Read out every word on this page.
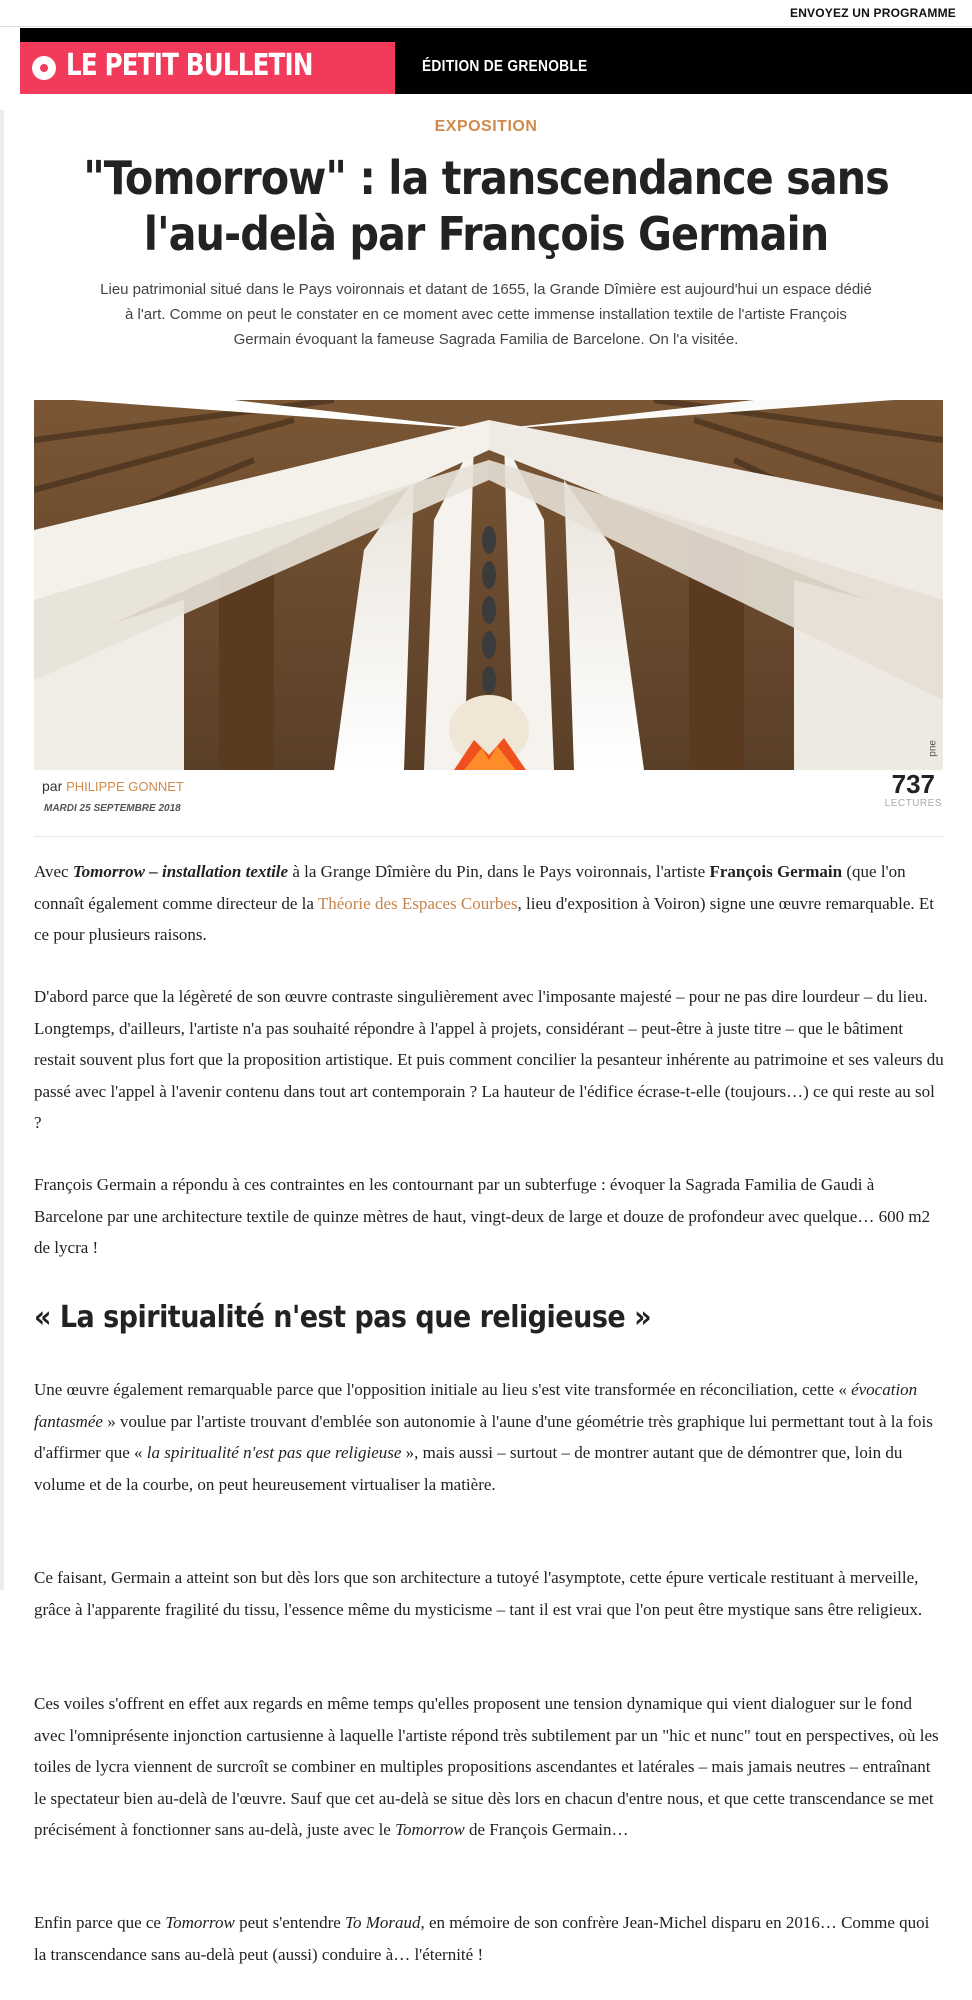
ENVOYEZ UN PROGRAMME
LE PETIT BULLETIN	ÉDITION DE GRENOBLE
EXPOSITION
"Tomorrow" : la transcendance sans l'au-delà par François Germain
Lieu patrimonial situé dans le Pays voironnais et datant de 1655, la Grande Dîmière est aujourd'hui un espace dédié à l'art. Comme on peut le constater en ce moment avec cette immense installation textile de l'artiste François Germain évoquant la fameuse Sagrada Familia de Barcelone. On l'a visitée.
pne
par PHILIPPE GONNET
MARDI 25 SEPTEMBRE 2018
737
LECTURES

Avec Tomorrow – installation textile à la Grange Dîmière du Pin, dans le Pays voironnais, l'artiste François Germain (que l'on connaît également comme directeur de la Théorie des Espaces Courbes, lieu d'exposition à Voiron) signe une œuvre remarquable. Et ce pour plusieurs raisons.

D'abord parce que la légèreté de son œuvre contraste singulièrement avec l'imposante majesté – pour ne pas dire lourdeur – du lieu. Longtemps, d'ailleurs, l'artiste n'a pas souhaité répondre à l'appel à projets, considérant – peut-être à juste titre – que le bâtiment restait souvent plus fort que la proposition artistique. Et puis comment concilier la pesanteur inhérente au patrimoine et ses valeurs du passé avec l'appel à l'avenir contenu dans tout art contemporain ? La hauteur de l'édifice écrase-t-elle (toujours…) ce qui reste au sol ?

François Germain a répondu à ces contraintes en les contournant par un subterfuge : évoquer la Sagrada Familia de Gaudi à Barcelone par une architecture textile de quinze mètres de haut, vingt-deux de large et douze de profondeur avec quelque… 600 m2 de lycra !

« La spiritualité n'est pas que religieuse »

Une œuvre également remarquable parce que l'opposition initiale au lieu s'est vite transformée en réconciliation, cette « évocation fantasmée » voulue par l'artiste trouvant d'emblée son autonomie à l'aune d'une géométrie très graphique lui permettant tout à la fois d'affirmer que « la spiritualité n'est pas que religieuse », mais aussi – surtout – de montrer autant que de démontrer que, loin du volume et de la courbe, on peut heureusement virtualiser la matière.

Ce faisant, Germain a atteint son but dès lors que son architecture a tutoyé l'asymptote, cette épure verticale restituant à merveille, grâce à l'apparente fragilité du tissu, l'essence même du mysticisme – tant il est vrai que l'on peut être mystique sans être religieux.

Ces voiles s'offrent en effet aux regards en même temps qu'elles proposent une tension dynamique qui vient dialoguer sur le fond avec l'omniprésente injonction cartusienne à laquelle l'artiste répond très subtilement par un "hic et nunc" tout en perspectives, où les toiles de lycra viennent de surcroît se combiner en multiples propositions ascendantes et latérales – mais jamais neutres – entraînant le spectateur bien au-delà de l'œuvre. Sauf que cet au-delà se situe dès lors en chacun d'entre nous, et que cette transcendance se met précisément à fonctionner sans au-delà, juste avec le Tomorrow de François Germain…

Enfin parce que ce Tomorrow peut s'entendre To Moraud, en mémoire de son confrère Jean-Michel disparu en 2016… Comme quoi la transcendance sans au-delà peut (aussi) conduire à… l'éternité !
